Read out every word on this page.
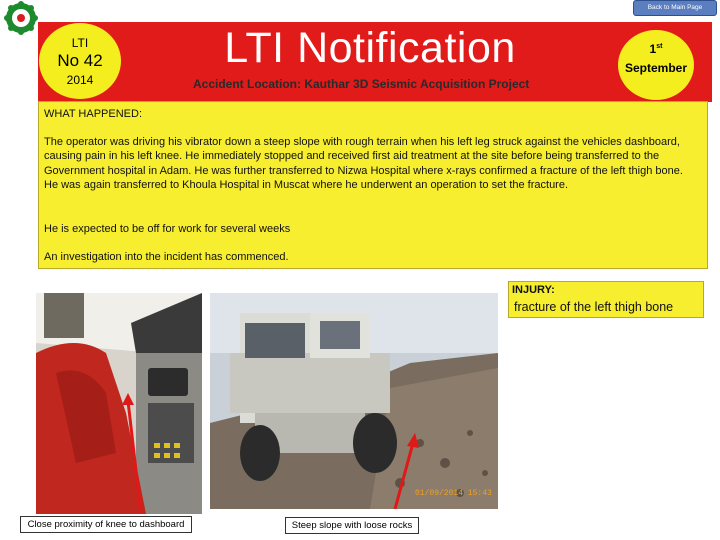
Back to Main Page
LTI
No 42
2014
LTI Notification
Accident Location: Kauthar 3D Seismic Acquisition Project
1st
September
WHAT HAPPENED:
The operator was driving his vibrator down a steep slope with rough terrain when his left leg struck against the vehicles dashboard, causing pain in his left knee. He immediately stopped and received first aid treatment at the site before being transferred to the Government hospital in Adam. He was further transferred to Nizwa Hospital where x-rays confirmed a fracture of the left thigh bone. He was again transferred to Khoula Hospital in Muscat where he underwent an operation to set the fracture.
He is expected to be off for work for several weeks
An investigation into the incident has commenced.
INJURY:
fracture of the left thigh bone
01/09/2014 15:43
Close proximity of knee to dashboard	Steep slope with loose rocks
